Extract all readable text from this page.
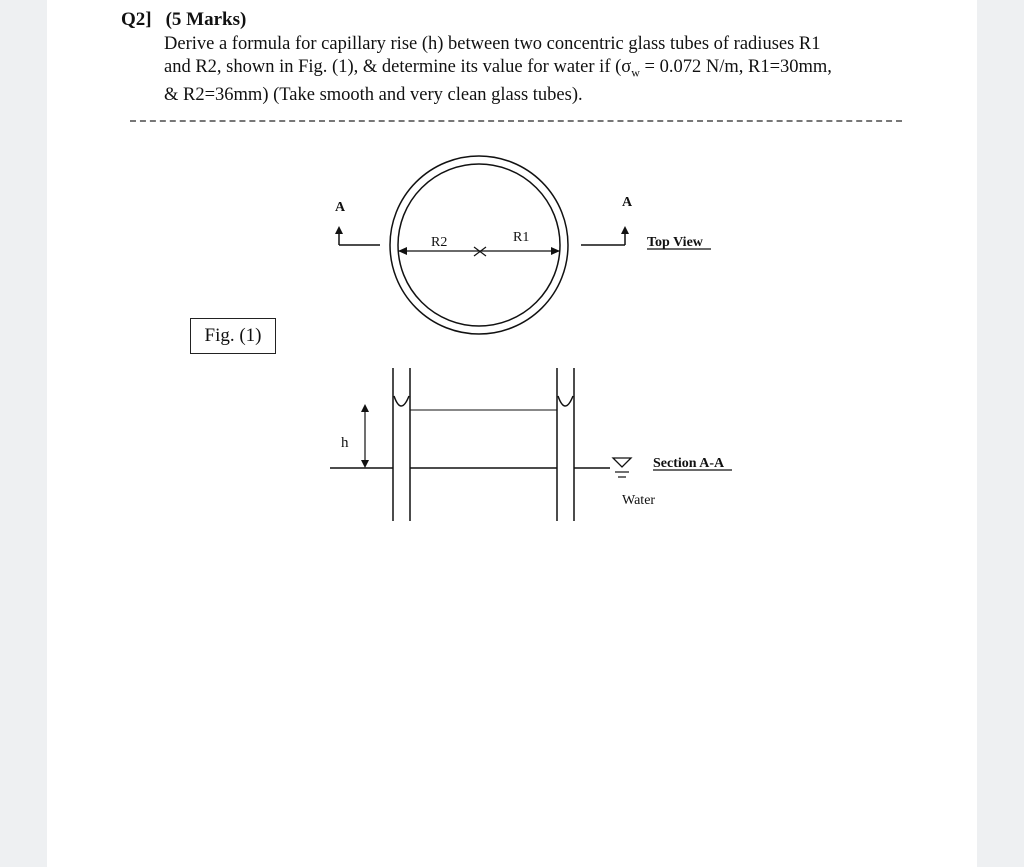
Q2] (5 Marks)
Derive a formula for capillary rise (h) between two concentric glass tubes of radiuses R1
and R2, shown in Fig. (1), & determine its value for water if ($\sigma_w = 0.072$ N/m, R1=30mm,
& R2=36mm) (Take smooth and very clean glass tubes).
Fig. (1)
A	A
R2	R1	Top View
h
Section A-A
Water
